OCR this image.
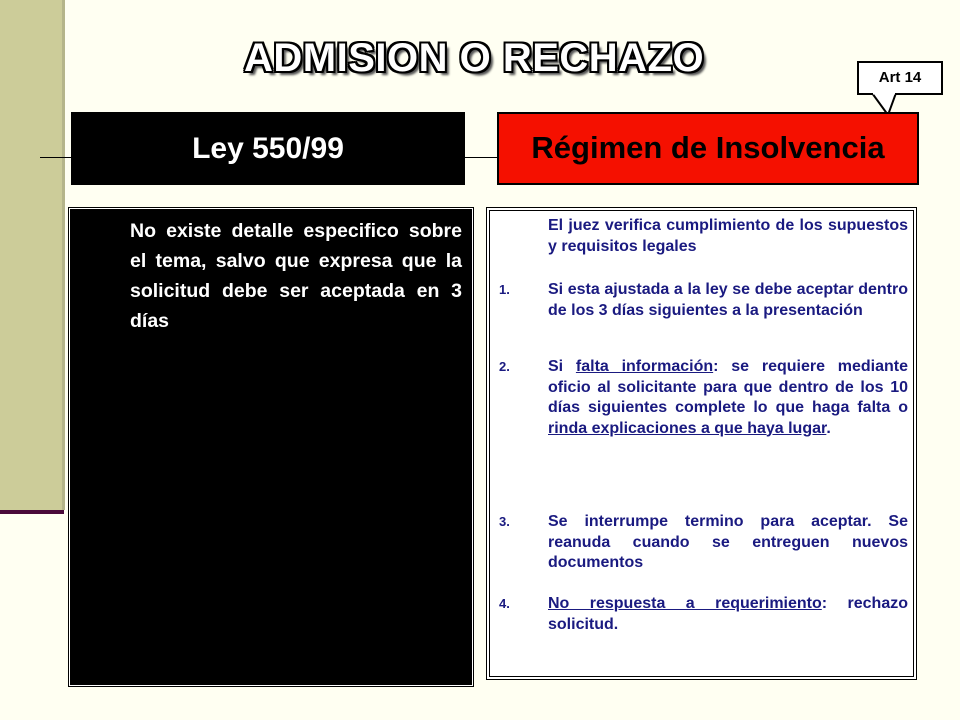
ADMISION O RECHAZO	Art 14
Ley 550/99	Régimen de Insolvencia
No existe detalle especifico sobre el tema, salvo que expresa que la solicitud debe ser aceptada en 3 días
El juez verifica cumplimiento de los supuestos y requisitos legales
1. Si esta ajustada a la ley se debe aceptar dentro de los 3 días siguientes a la presentación
2. Si falta información: se requiere mediante oficio al solicitante para que dentro de los 10 días siguientes complete lo que haga falta o rinda explicaciones a que haya lugar.
3. Se interrumpe termino para aceptar. Se reanuda cuando se entreguen nuevos documentos
4. No respuesta a requerimiento: rechazo solicitud.
